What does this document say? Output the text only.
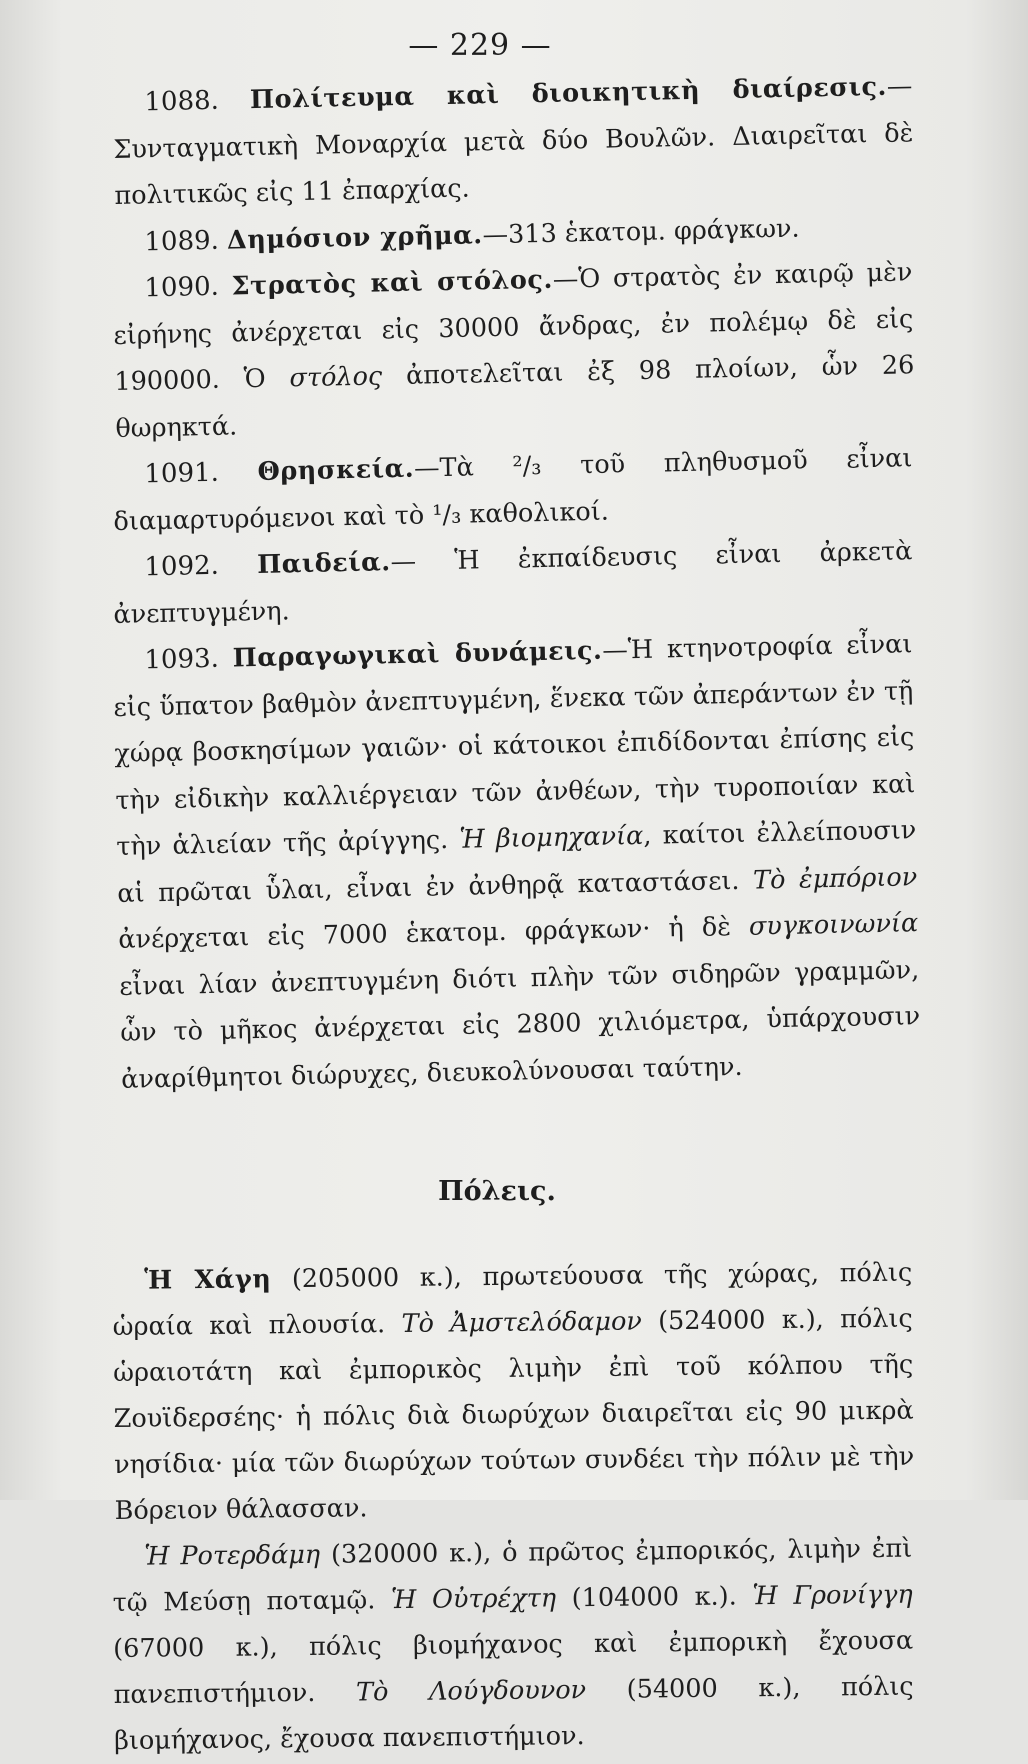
— 229 —

1088. Πολίτευμα καὶ διοικητικὴ διαίρεσις.—Συνταγματικὴ Μοναρχία μετὰ δύο Βουλῶν. Διαιρεῖται δὲ πολιτικῶς εἰς 11 ἐπαρχίας.

1089. Δημόσιον χρῆμα.—313 ἑκατομ. φράγκων.

1090. Στρατὸς καὶ στόλος.—Ὁ στρατὸς ἐν καιρῷ μὲν εἰρήνης ἀνέρχεται εἰς 30000 ἄνδρας, ἐν πολέμῳ δὲ εἰς 190000. Ὁ στόλος ἀποτελεῖται ἐξ 98 πλοίων, ὧν 26 θωρηκτά.

1091. Θρησκεία.—Τὰ ²/₃ τοῦ πληθυσμοῦ εἶναι διαμαρτυρόμενοι καὶ τὸ ¹/₃ καθολικοί.

1092. Παιδεία.— Ἡ ἐκπαίδευσις εἶναι ἀρκετὰ ἀνεπτυγμένη.

1093. Παραγωγικαὶ δυνάμεις.—Ἡ κτηνοτροφία εἶναι εἰς ὕπατον βαθμὸν ἀνεπτυγμένη, ἕνεκα τῶν ἀπεράντων ἐν τῇ χώρᾳ βοσκησίμων γαιῶν· οἱ κάτοικοι ἐπιδίδονται ἐπίσης εἰς τὴν εἰδικὴν καλλιέργειαν τῶν ἀνθέων, τὴν τυροποιίαν καὶ τὴν ἁλιείαν τῆς ἀρίγγης. Ἡ βιομηχανία, καίτοι ἐλλείπουσιν αἱ πρῶται ὗλαι, εἶναι ἐν ἀνθηρᾷ καταστάσει. Τὸ ἐμπόριον ἀνέρχεται εἰς 7000 ἑκατομ. φράγκων· ἡ δὲ συγκοινωνία εἶναι λίαν ἀνεπτυγμένη διότι πλὴν τῶν σιδηρῶν γραμμῶν, ὧν τὸ μῆκος ἀνέρχεται εἰς 2800 χιλιόμετρα, ὑπάρχουσιν ἀναρίθμητοι διώρυχες, διευκολύνουσαι ταύτην.

Πόλεις.

Ἡ Χάγη (205000 κ.), πρωτεύουσα τῆς χώρας, πόλις ὡραία καὶ πλουσία. Τὸ Ἀμστελόδαμον (524000 κ.), πόλις ὡραιοτάτη καὶ ἐμπορικὸς λιμὴν ἐπὶ τοῦ κόλπου τῆς Ζουϊδερσέης· ἡ πόλις διὰ διωρύχων διαιρεῖται εἰς 90 μικρὰ νησίδια· μία τῶν διωρύχων τούτων συνδέει τὴν πόλιν μὲ τὴν Βόρειον θάλασσαν.

Ἡ Ροτερδάμη (320000 κ.), ὁ πρῶτος ἐμπορικός, λιμὴν ἐπὶ τῷ Μεύσῃ ποταμῷ. Ἡ Οὐτρέχτη (104000 κ.). Ἡ Γρονίγγη (67000 κ.), πόλις βιομήχανος καὶ ἐμπορικὴ ἔχουσα πανεπιστήμιον. Τὸ Λούγδουνον (54000 κ.), πόλις βιομήχανος, ἔχουσα πανεπιστήμιον.
